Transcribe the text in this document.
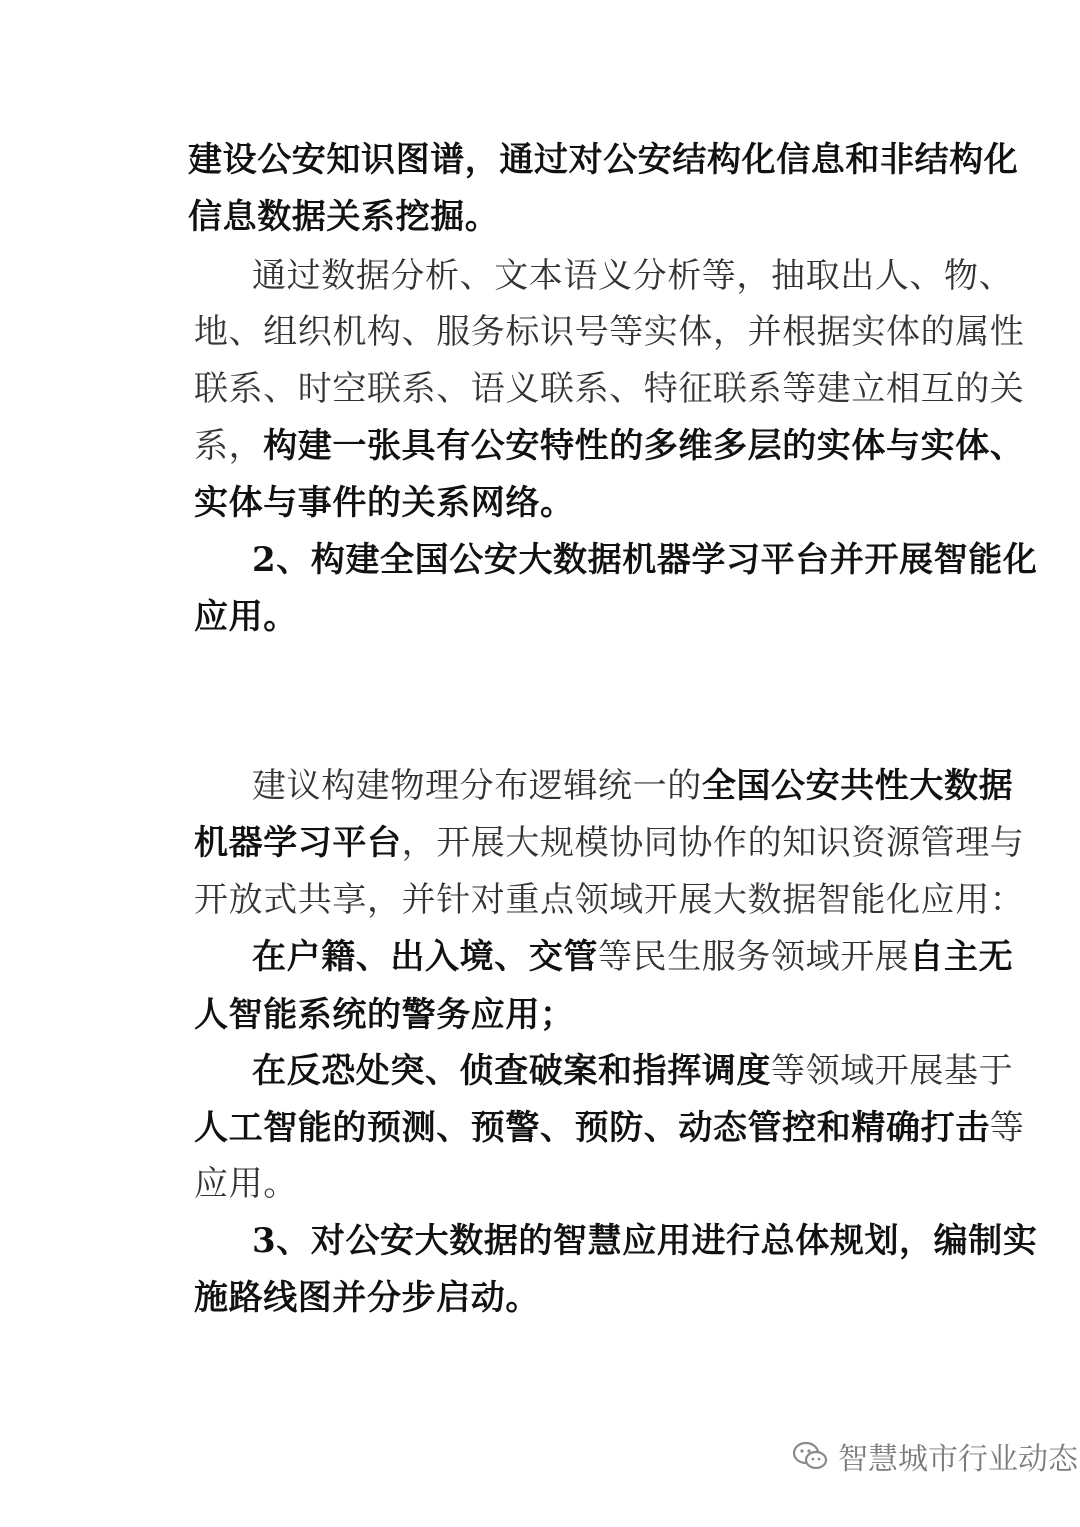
建设公安知识图谱，通过对公安结构化信息和非结构化
信息数据关系挖掘。
通过数据分析、文本语义分析等，抽取出人、物、
地、组织机构、服务标识号等实体，并根据实体的属性
联系、时空联系、语义联系、特征联系等建立相互的关
系，构建一张具有公安特性的多维多层的实体与实体、
实体与事件的关系网络。
2、构建全国公安大数据机器学习平台并开展智能化
应用。
建议构建物理分布逻辑统一的全国公安共性大数据
机器学习平台，开展大规模协同协作的知识资源管理与
开放式共享，并针对重点领域开展大数据智能化应用：
在户籍、出入境、交管等民生服务领域开展自主无
人智能系统的警务应用；
在反恐处突、侦查破案和指挥调度等领域开展基于
人工智能的预测、预警、预防、动态管控和精确打击等
应用。
3、对公安大数据的智慧应用进行总体规划，编制实
施路线图并分步启动。
智慧城市行业动态
